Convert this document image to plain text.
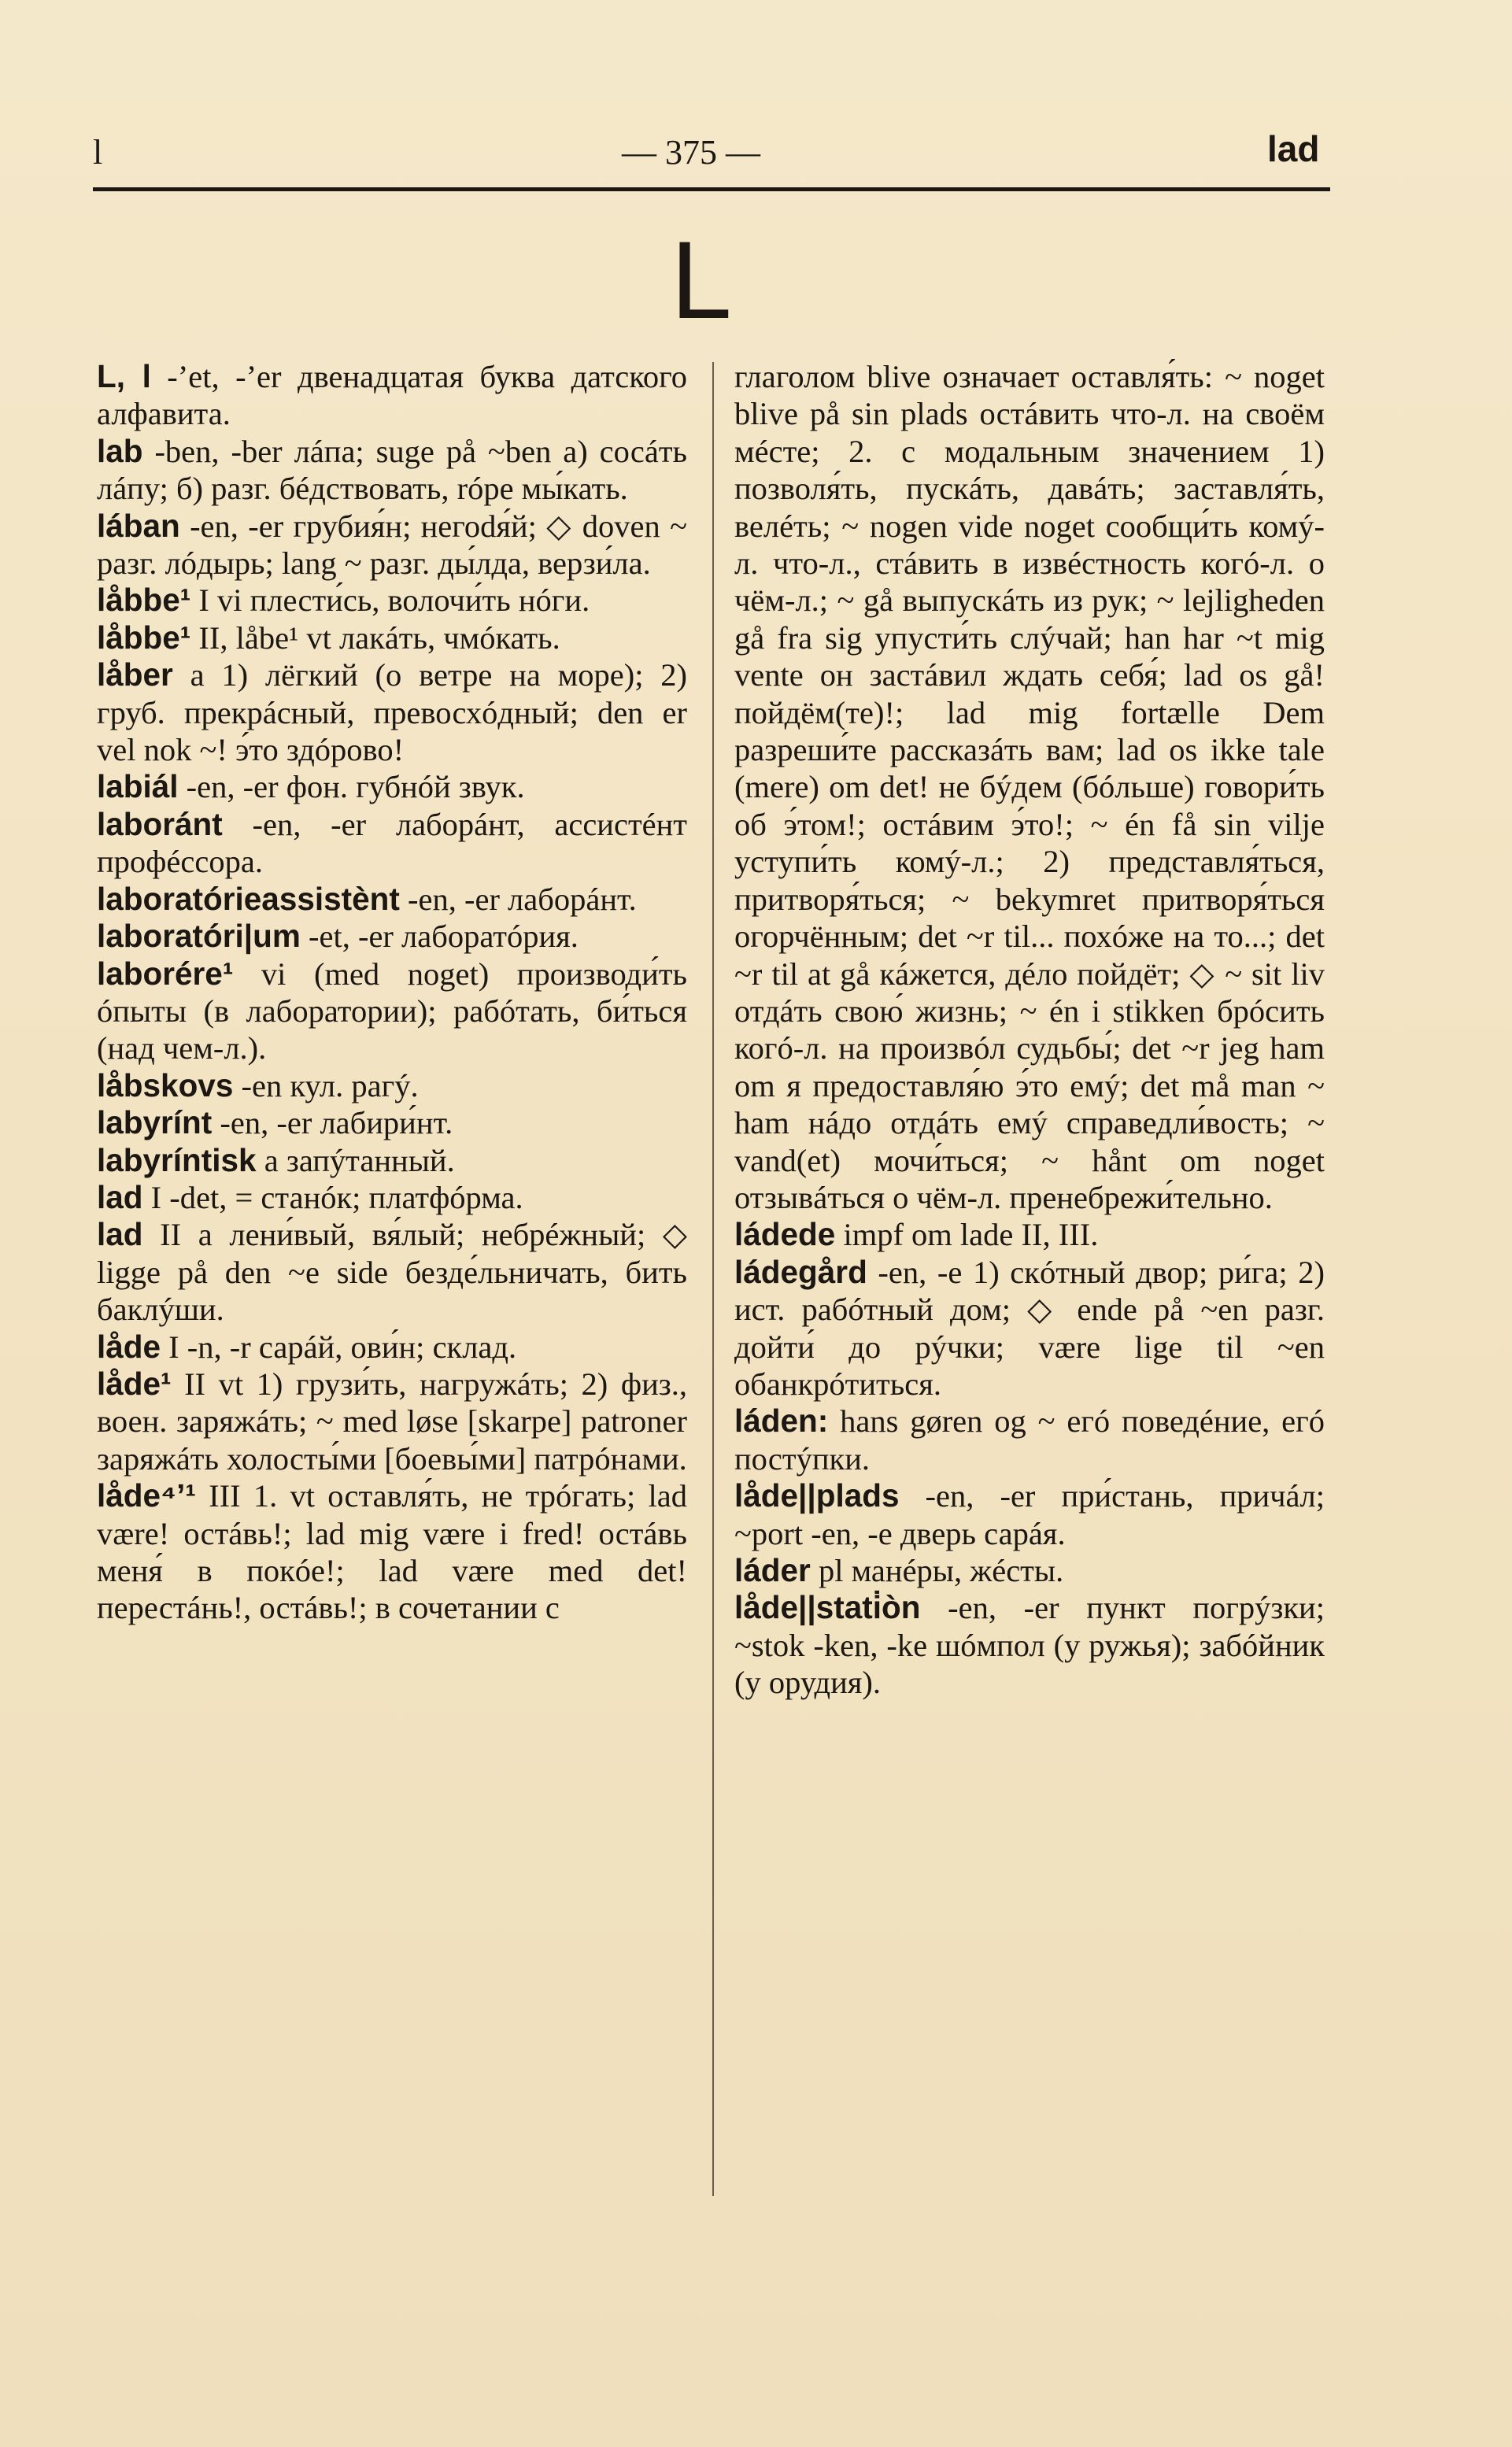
l	— 375 —	lad
L
L, l -’et, -’er двенадцатая буква датского алфавита.
lab -ben, -ber лáпа; suge på ~ben а) сосáть лáпу; б) разг. бéдствовать, róре мы́кать.
lában -en, -er грубия́н; негоdя́й; ◇ doven ~ разг. лóдырь; lang ~ разг. ды́лда, верзи́ла.
låbbe¹ I vi плести́сь, волочи́ть нóги.
låbbe¹ II, låbe¹ vt лакáть, чмóкать.
låber a 1) лёгкий (о ветре на море); 2) груб. прекрáсный, превосхóдный; den er vel nok ~! э́то здóрово!
labiál -en, -er фон. губнóй звук.
laboránt -en, -er лаборáнт, ассистéнт профéссора.
laboratórieassistènt -en, -er лаборáнт.
laboratóri|um -et, -er лаборатóрия.
laborére¹ vi (med noget) производи́ть óпыты (в лаборатории); рабóтать, би́ться (над чем-л.).
låbskovs -en кул. рагý.
labyrínt -en, -er лабири́нт.
labyríntisk a запýтанный.
lad I -det, = станóк; платфóрма.
lad II a лени́вый, вя́лый; небрéжный; ◇ ligge på den ~e side безде́льничать, бить баклýши.
låde I -n, -r сарáй, ови́н; склад.
låde¹ II vt 1) грузи́ть, нагружáть; 2) физ., воен. заряжáть; ~ med løse [skarpe] patroner заряжáть холосты́ми [боевы́ми] патрóнами.
låde⁴’¹ III 1. vt оставля́ть, не трóгать; lad være! остáвь!; lad mig være i fred! остáвь меня́ в покóе!; lad være med det! перестáнь!, остáвь!; в сочетании с
глаголом blive означает оставля́ть: ~ noget blive på sin plads остáвить что-л. на своём мéсте; 2. с модальным значением 1) позволя́ть, пускáть, давáть; заставля́ть, велéть; ~ nogen vide noget сообщи́ть комý-л. что-л., стáвить в извéстность когó-л. о чём-л.; ~ gå выпускáть из рук; ~ lejligheden gå fra sig упусти́ть слýчай; han har ~t mig vente он застáвил ждать себя́; lad os gå! пойдём(те)!; lad mig fortælle Dem разреши́те рассказáть вам; lad os ikke tale (mere) om det! не бýдем (бóльше) говори́ть об э́том!; остáвим э́то!; ~ én få sin vilje уступи́ть комý-л.; 2) представля́ться, притворя́ться; ~ bekymret притворя́ться огорчённым; det ~r til... похóже на то...; det ~r til at gå кáжется, дéло пойдёт; ◇ ~ sit liv отдáть свою́ жизнь; ~ én i stikken брóсить когó-л. на произвóл судьбы́; det ~r jeg ham om я предоставля́ю э́то емý; det må man ~ ham нáдо отдáть емý справедли́вость; ~ vand(et) мочи́ться; ~ hånt om noget отзывáться о чём-л. пренебрежи́тельно.
ládede impf om lade II, III.
ládegård -en, -e 1) скóтный двор; ри́га; 2) ист. рабóтный дом; ◇ ende på ~en разг. дойти́ до рýчки; være lige til ~en обанкрóтиться.
láden: hans gøren og ~ егó поведéние, егó постýпки.
låde||plads -en, -er при́стань, причáл; ~port -en, -e дверь сарáя.
láder pl манéры, жéсты.
låde||stati̇òn -en, -er пункт погрýзки; ~stok -ken, -ke шóмпол (у ружья); забóйник (у орудия).
